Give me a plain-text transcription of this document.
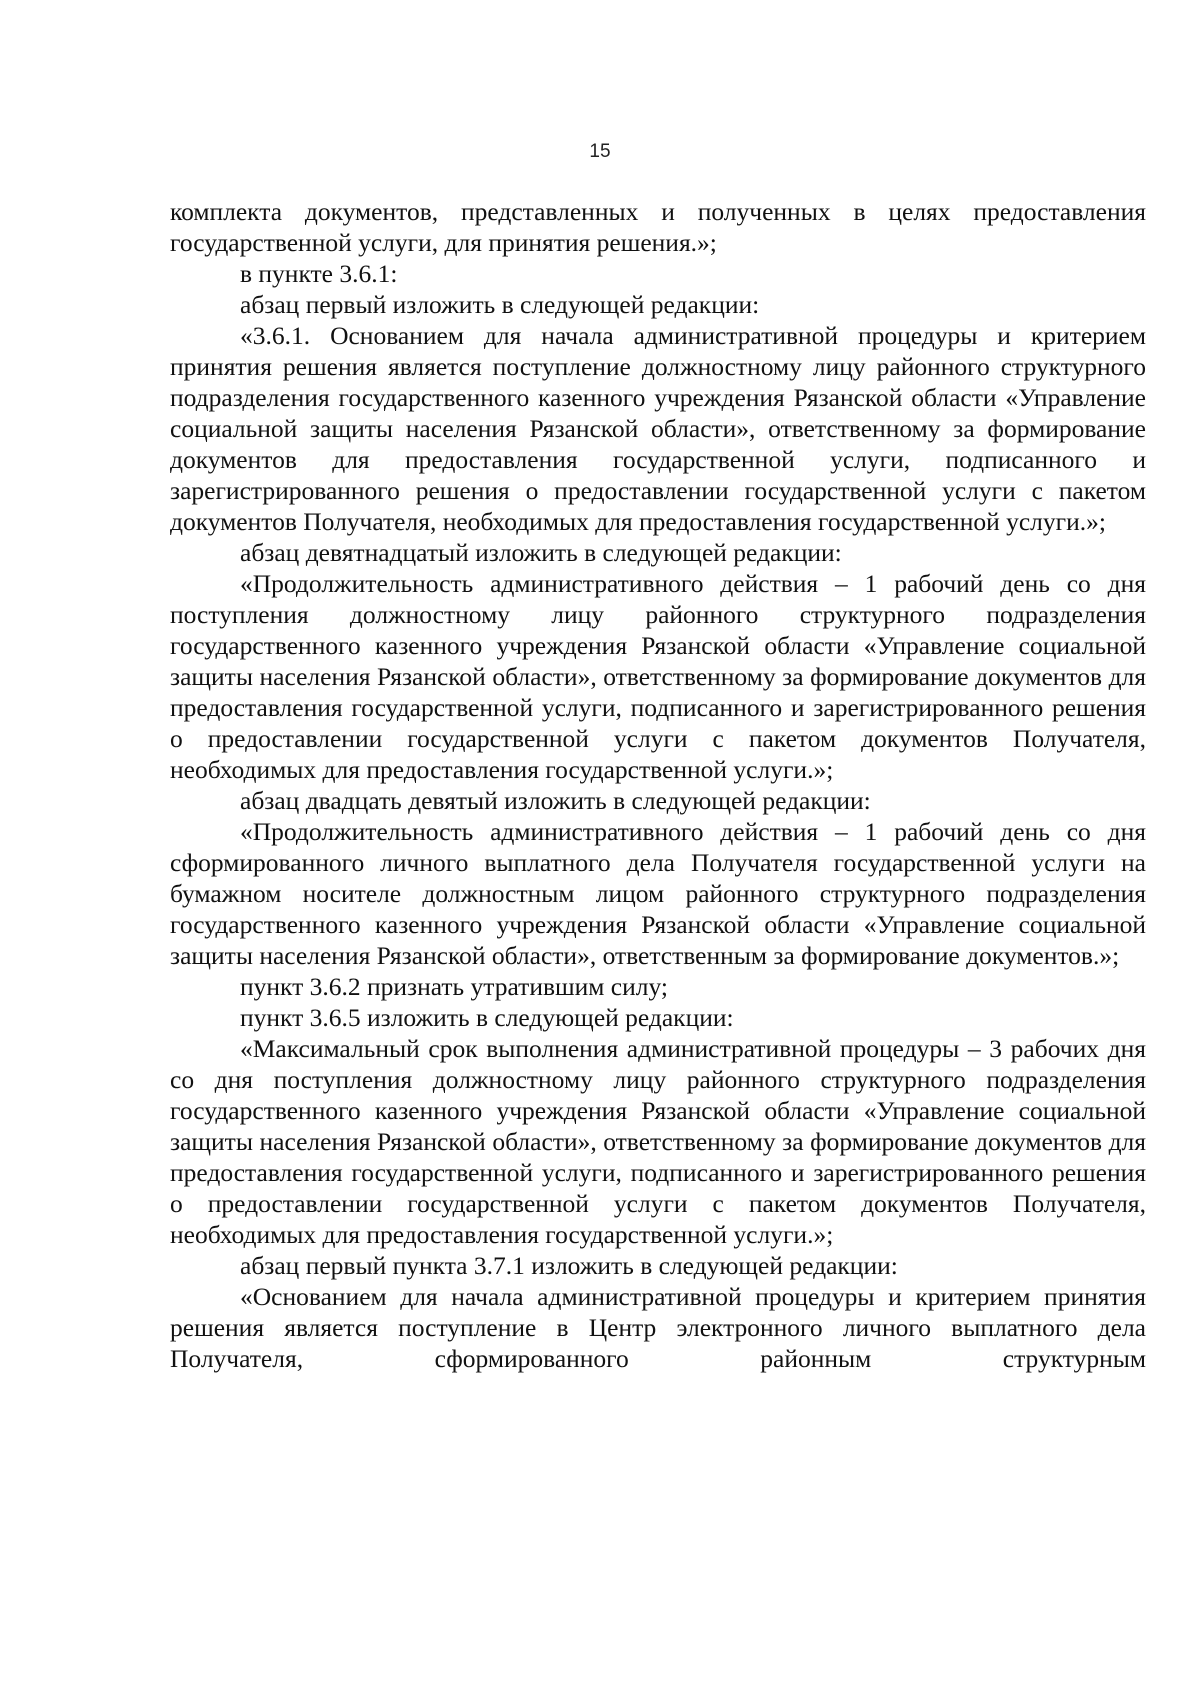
15

комплекта документов, представленных и полученных в целях предоставления государственной услуги, для принятия решения.»;

в пункте 3.6.1:

абзац первый изложить в следующей редакции:

«3.6.1. Основанием для начала административной процедуры и критерием принятия решения является поступление должностному лицу районного структурного подразделения государственного казенного учреждения Рязанской области «Управление социальной защиты населения Рязанской области», ответственному за формирование документов для предоставления государственной услуги, подписанного и зарегистрированного решения о предоставлении государственной услуги с пакетом документов Получателя, необходимых для предоставления государственной услуги.»;

абзац девятнадцатый изложить в следующей редакции:

«Продолжительность административного действия – 1 рабочий день со дня поступления должностному лицу районного структурного подразделения государственного казенного учреждения Рязанской области «Управление социальной защиты населения Рязанской области», ответственному за формирование документов для предоставления государственной услуги, подписанного и зарегистрированного решения о предоставлении государственной услуги с пакетом документов Получателя, необходимых для предоставления государственной услуги.»;

абзац двадцать девятый изложить в следующей редакции:

«Продолжительность административного действия – 1 рабочий день со дня сформированного личного выплатного дела Получателя государственной услуги на бумажном носителе должностным лицом районного структурного подразделения государственного казенного учреждения Рязанской области «Управление социальной защиты населения Рязанской области», ответственным за формирование документов.»;

пункт 3.6.2 признать утратившим силу;

пункт 3.6.5 изложить в следующей редакции:

«Максимальный срок выполнения административной процедуры – 3 рабочих дня со дня поступления должностному лицу районного структурного подразделения государственного казенного учреждения Рязанской области «Управление социальной защиты населения Рязанской области», ответственному за формирование документов для предоставления государственной услуги, подписанного и зарегистрированного решения о предоставлении государственной услуги с пакетом документов Получателя, необходимых для предоставления государственной услуги.»;

абзац первый пункта 3.7.1 изложить в следующей редакции:

«Основанием для начала административной процедуры и критерием принятия решения является поступление в Центр электронного личного выплатного дела Получателя, сформированного районным структурным
